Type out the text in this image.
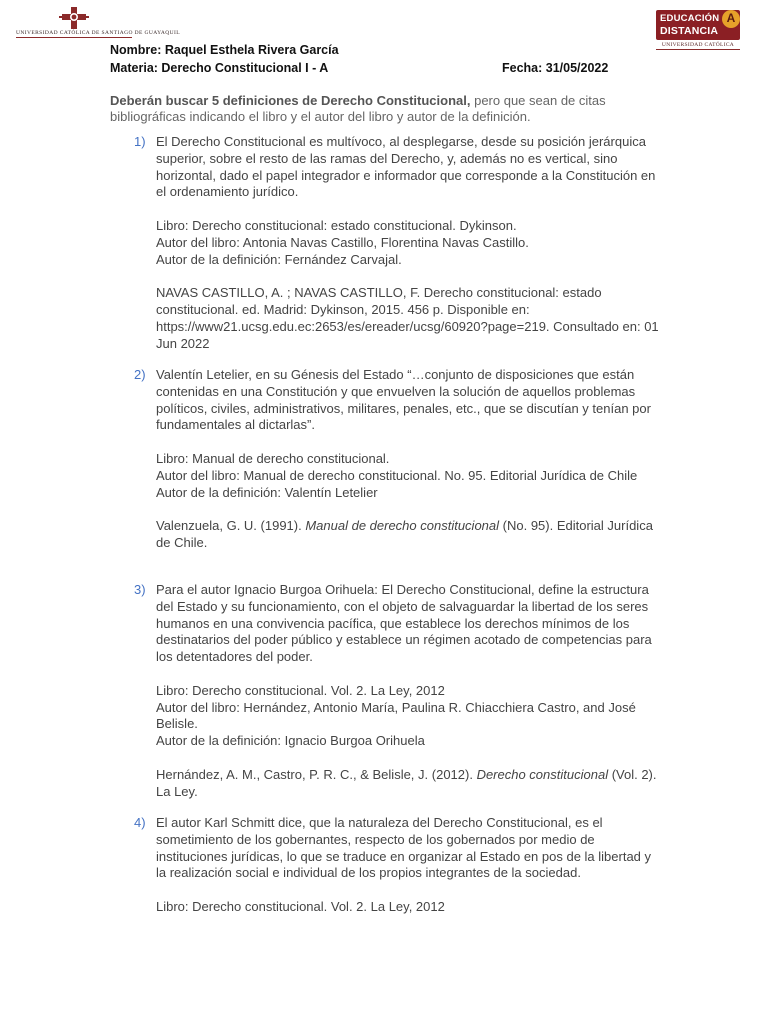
UNIVERSIDAD CATÓLICA DE SANTIAGO DE GUAYAQUIL
EDUCACIÓN
DISTANCIA
A
UNIVERSIDAD CATÓLICA
Nombre: Raquel Esthela Rivera García
Materia: Derecho Constitucional I - A	Fecha: 31/05/2022
Deberán buscar 5 definiciones de Derecho Constitucional, pero que sean de citas bibliográficas indicando el libro y el autor del libro y autor de la definición.
1) El Derecho Constitucional es multívoco, al desplegarse, desde su posición jerárquica superior, sobre el resto de las ramas del Derecho, y, además no es vertical, sino horizontal, dado el papel integrador e informador que corresponde a la Constitución en el ordenamiento jurídico.

Libro: Derecho constitucional: estado constitucional. Dykinson.
Autor del libro: Antonia Navas Castillo, Florentina Navas Castillo.
Autor de la definición: Fernández Carvajal.

NAVAS CASTILLO, A. ; NAVAS CASTILLO, F. Derecho constitucional: estado constitucional. ed. Madrid: Dykinson, 2015. 456 p. Disponible en: https://www21.ucsg.edu.ec:2653/es/ereader/ucsg/60920?page=219. Consultado en: 01 Jun 2022

2) Valentín Letelier, en su Génesis del Estado “…conjunto de disposiciones que están contenidas en una Constitución y que envuelven la solución de aquellos problemas políticos, civiles, administrativos, militares, penales, etc., que se discutían y tenían por fundamentales al dictarlas”.

Libro: Manual de derecho constitucional.
Autor del libro: Manual de derecho constitucional. No. 95. Editorial Jurídica de Chile
Autor de la definición: Valentín Letelier

Valenzuela, G. U. (1991). Manual de derecho constitucional (No. 95). Editorial Jurídica de Chile.

3) Para el autor Ignacio Burgoa Orihuela: El Derecho Constitucional, define la estructura del Estado y su funcionamiento, con el objeto de salvaguardar la libertad de los seres humanos en una convivencia pacífica, que establece los derechos mínimos de los destinatarios del poder público y establece un régimen acotado de competencias para los detentadores del poder.

Libro: Derecho constitucional. Vol. 2. La Ley, 2012
Autor del libro: Hernández, Antonio María, Paulina R. Chiacchiera Castro, and José Belisle.
Autor de la definición: Ignacio Burgoa Orihuela

Hernández, A. M., Castro, P. R. C., & Belisle, J. (2012). Derecho constitucional (Vol. 2). La Ley.

4) El autor Karl Schmitt dice, que la naturaleza del Derecho Constitucional, es el sometimiento de los gobernantes, respecto de los gobernados por medio de instituciones jurídicas, lo que se traduce en organizar al Estado en pos de la libertad y la realización social e individual de los propios integrantes de la sociedad.

Libro: Derecho constitucional. Vol. 2. La Ley, 2012
